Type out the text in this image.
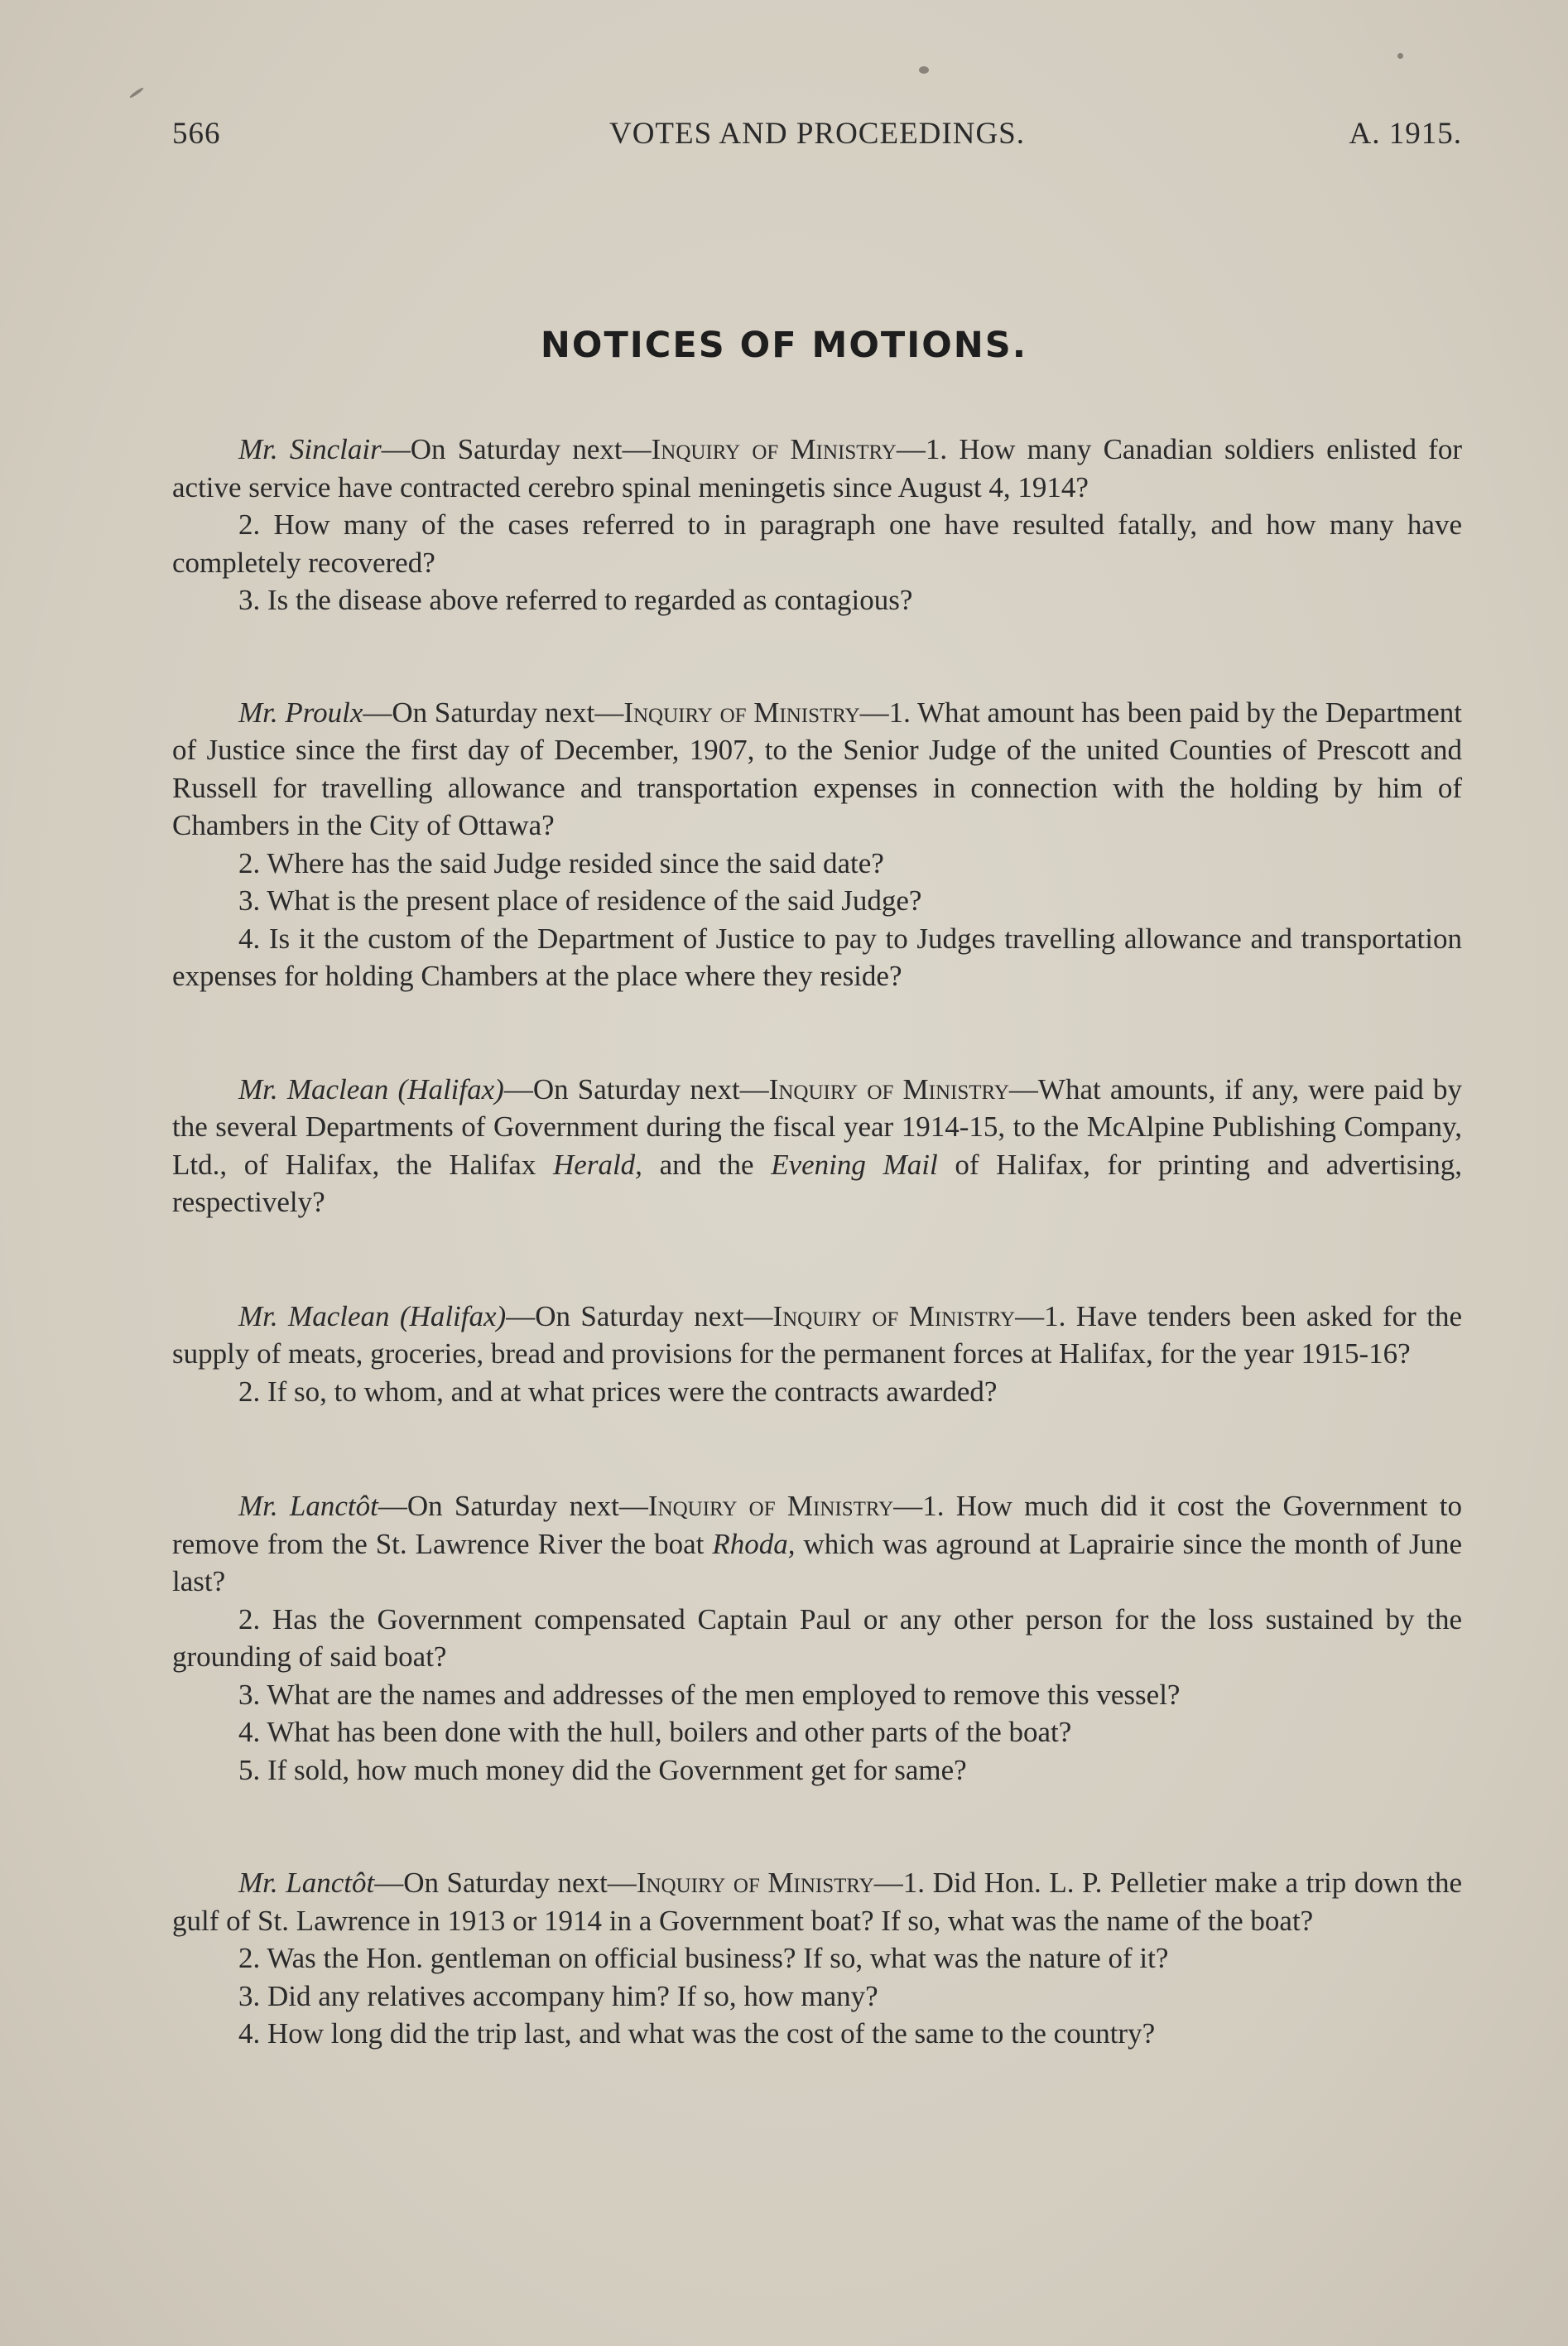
566	VOTES AND PROCEEDINGS.	A. 1915.
NOTICES OF MOTIONS.

Mr. Sinclair—On Saturday next—Inquiry of Ministry—1. How many Canadian soldiers enlisted for active service have contracted cerebro spinal meningetis since August 4, 1914?

2. How many of the cases referred to in paragraph one have resulted fatally, and how many have completely recovered?

3. Is the disease above referred to regarded as contagious?

Mr. Proulx—On Saturday next—Inquiry of Ministry—1. What amount has been paid by the Department of Justice since the first day of December, 1907, to the Senior Judge of the united Counties of Prescott and Russell for travelling allowance and transportation expenses in connection with the holding by him of Chambers in the City of Ottawa?

2. Where has the said Judge resided since the said date?

3. What is the present place of residence of the said Judge?

4. Is it the custom of the Department of Justice to pay to Judges travelling allowance and transportation expenses for holding Chambers at the place where they reside?

Mr. Maclean (Halifax)—On Saturday next—Inquiry of Ministry—What amounts, if any, were paid by the several Departments of Government during the fiscal year 1914-15, to the McAlpine Publishing Company, Ltd., of Halifax, the Halifax Herald, and the Evening Mail of Halifax, for printing and advertising, respectively?

Mr. Maclean (Halifax)—On Saturday next—Inquiry of Ministry—1. Have tenders been asked for the supply of meats, groceries, bread and provisions for the permanent forces at Halifax, for the year 1915-16?

2. If so, to whom, and at what prices were the contracts awarded?

Mr. Lanctôt—On Saturday next—Inquiry of Ministry—1. How much did it cost the Government to remove from the St. Lawrence River the boat Rhoda, which was aground at Laprairie since the month of June last?

2. Has the Government compensated Captain Paul or any other person for the loss sustained by the grounding of said boat?

3. What are the names and addresses of the men employed to remove this vessel?

4. What has been done with the hull, boilers and other parts of the boat?

5. If sold, how much money did the Government get for same?

Mr. Lanctôt—On Saturday next—Inquiry of Ministry—1. Did Hon. L. P. Pelletier make a trip down the gulf of St. Lawrence in 1913 or 1914 in a Government boat? If so, what was the name of the boat?

2. Was the Hon. gentleman on official business? If so, what was the nature of it?

3. Did any relatives accompany him? If so, how many?

4. How long did the trip last, and what was the cost of the same to the country?
